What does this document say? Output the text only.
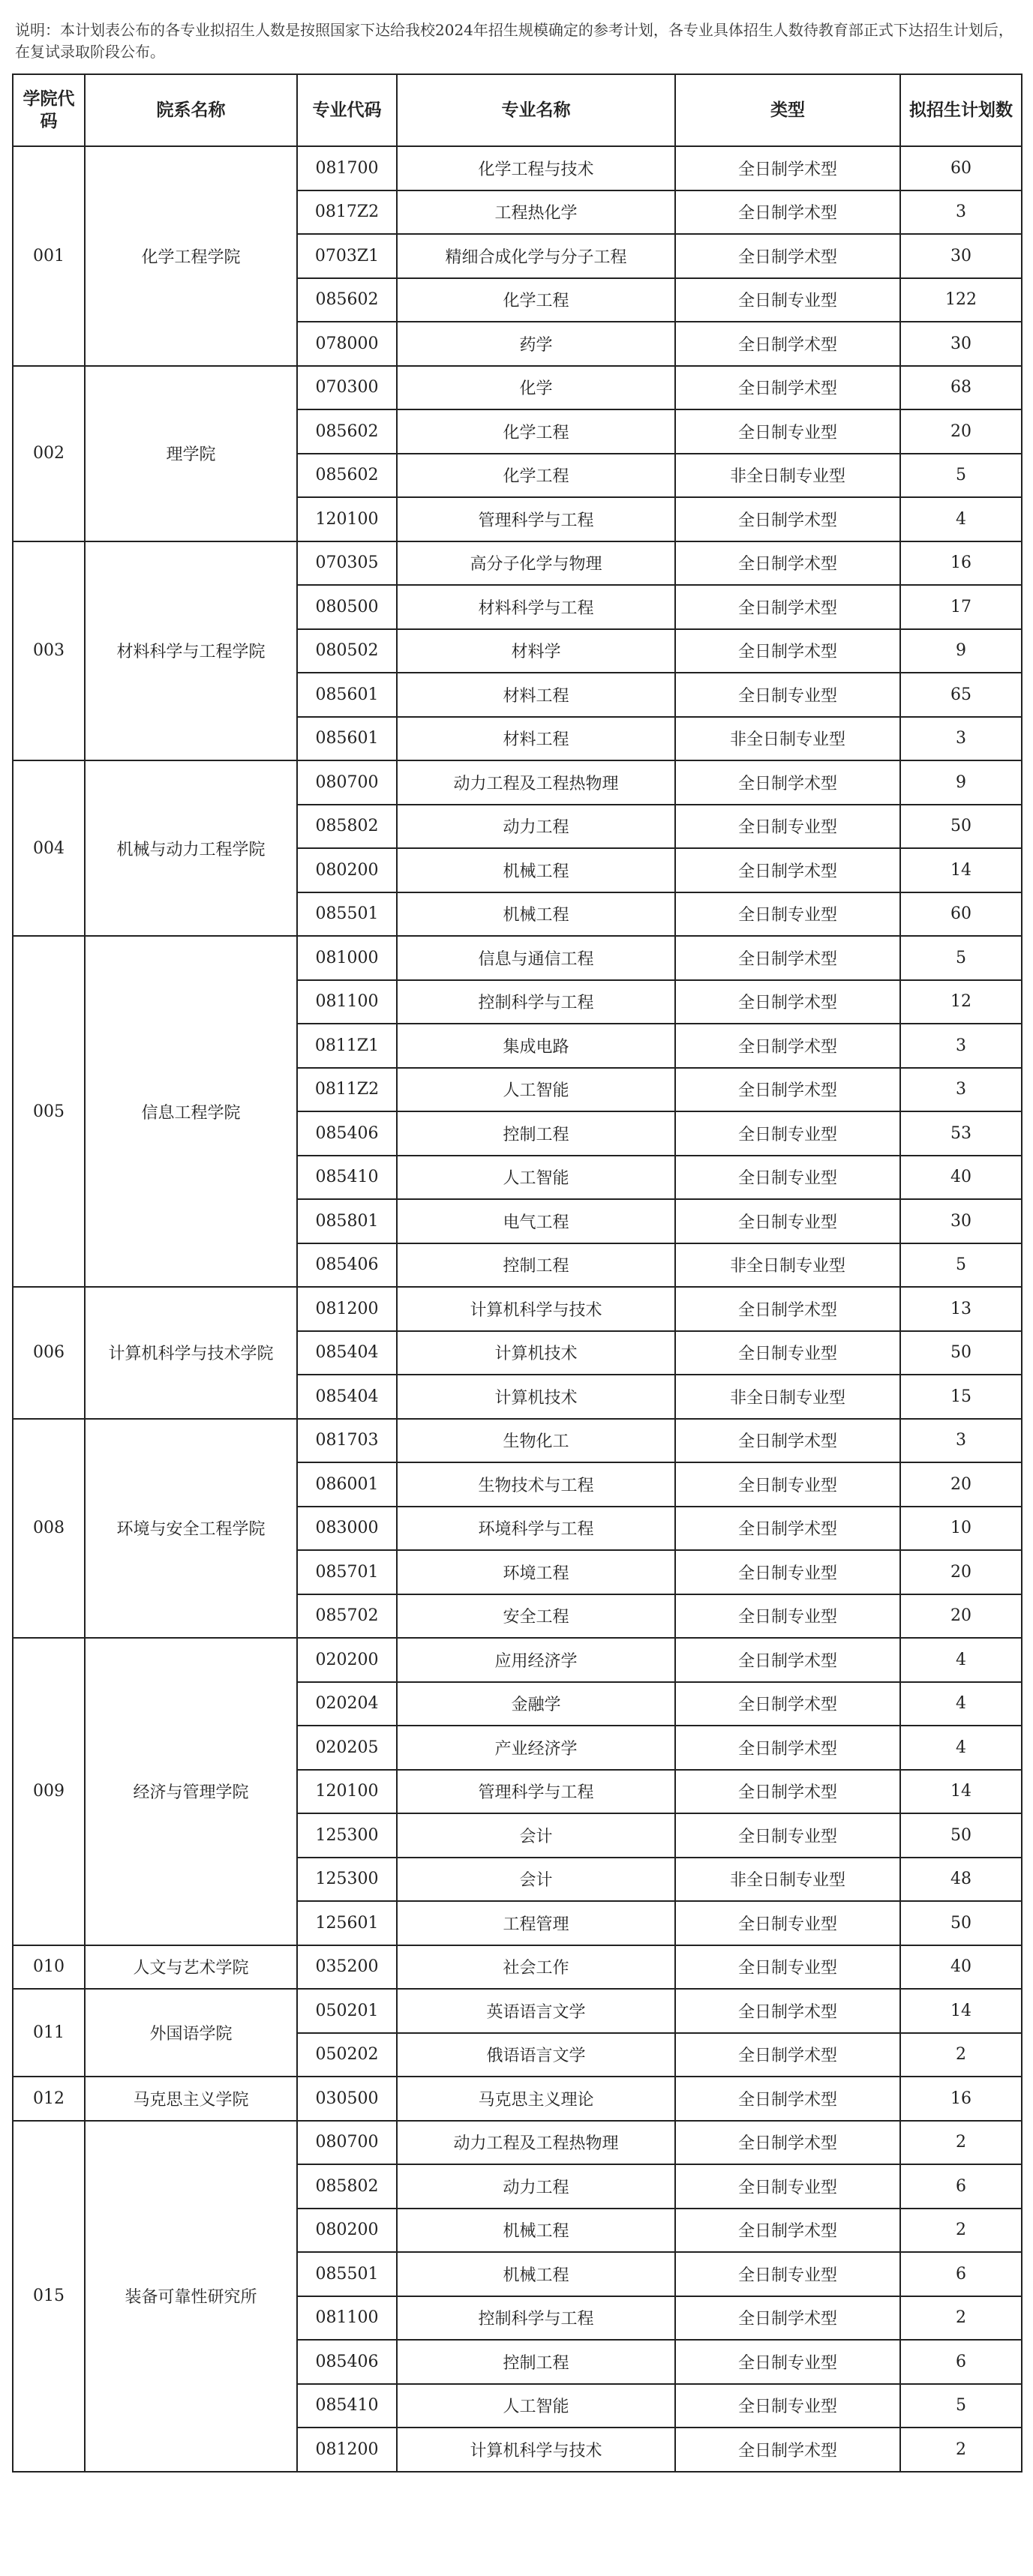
说明：本计划表公布的各专业拟招生人数是按照国家下达给我校2024年招生规模确定的参考计划，各专业具体招生人数待教育部正式下达招生计划后，在复试录取阶段公布。

学院代码	院系名称	专业代码	专业名称	类型	拟招生计划数
001	化学工程学院	081700	化学工程与技术	全日制学术型	60
		0817Z2	工程热化学	全日制学术型	3
		0703Z1	精细合成化学与分子工程	全日制学术型	30
		085602	化学工程	全日制专业型	122
		078000	药学	全日制学术型	30
002	理学院	070300	化学	全日制学术型	68
		085602	化学工程	全日制专业型	20
		085602	化学工程	非全日制专业型	5
		120100	管理科学与工程	全日制学术型	4
003	材料科学与工程学院	070305	高分子化学与物理	全日制学术型	16
		080500	材料科学与工程	全日制学术型	17
		080502	材料学	全日制学术型	9
		085601	材料工程	全日制专业型	65
		085601	材料工程	非全日制专业型	3
004	机械与动力工程学院	080700	动力工程及工程热物理	全日制学术型	9
		085802	动力工程	全日制专业型	50
		080200	机械工程	全日制学术型	14
		085501	机械工程	全日制专业型	60
005	信息工程学院	081000	信息与通信工程	全日制学术型	5
		081100	控制科学与工程	全日制学术型	12
		0811Z1	集成电路	全日制学术型	3
		0811Z2	人工智能	全日制学术型	3
		085406	控制工程	全日制专业型	53
		085410	人工智能	全日制专业型	40
		085801	电气工程	全日制专业型	30
		085406	控制工程	非全日制专业型	5
006	计算机科学与技术学院	081200	计算机科学与技术	全日制学术型	13
		085404	计算机技术	全日制专业型	50
		085404	计算机技术	非全日制专业型	15
008	环境与安全工程学院	081703	生物化工	全日制学术型	3
		086001	生物技术与工程	全日制专业型	20
		083000	环境科学与工程	全日制学术型	10
		085701	环境工程	全日制专业型	20
		085702	安全工程	全日制专业型	20
009	经济与管理学院	020200	应用经济学	全日制学术型	4
		020204	金融学	全日制学术型	4
		020205	产业经济学	全日制学术型	4
		120100	管理科学与工程	全日制学术型	14
		125300	会计	全日制专业型	50
		125300	会计	非全日制专业型	48
		125601	工程管理	全日制专业型	50
010	人文与艺术学院	035200	社会工作	全日制专业型	40
011	外国语学院	050201	英语语言文学	全日制学术型	14
		050202	俄语语言文学	全日制学术型	2
012	马克思主义学院	030500	马克思主义理论	全日制学术型	16
015	装备可靠性研究所	080700	动力工程及工程热物理	全日制学术型	2
		085802	动力工程	全日制专业型	6
		080200	机械工程	全日制学术型	2
		085501	机械工程	全日制专业型	6
		081100	控制科学与工程	全日制学术型	2
		085406	控制工程	全日制专业型	6
		085410	人工智能	全日制专业型	5
		081200	计算机科学与技术	全日制学术型	2
